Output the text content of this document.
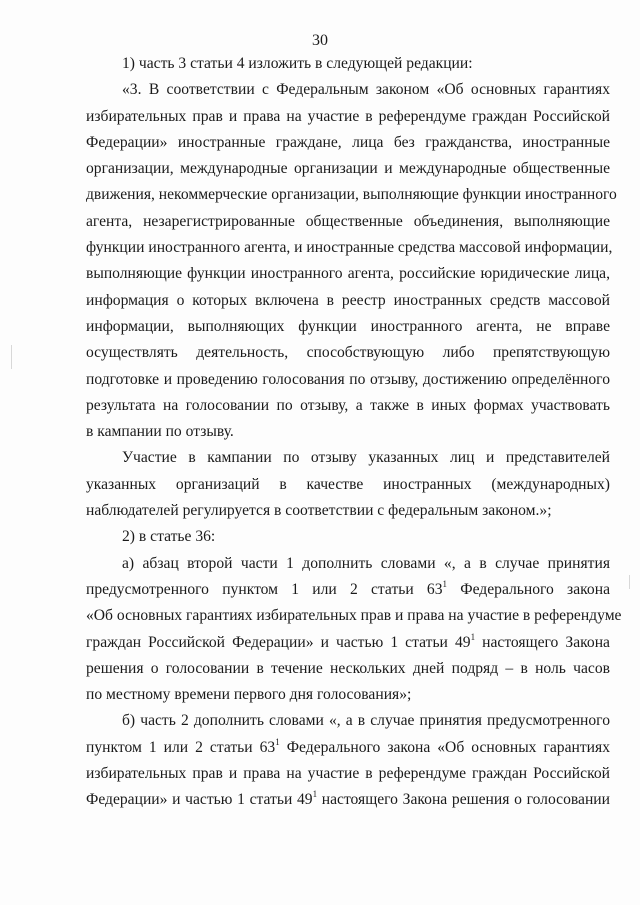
30
1) часть 3 статьи 4 изложить в следующей редакции:
«3. В соответствии с Федеральным законом «Об основных гарантиях
избирательных прав и права на участие в референдуме граждан Российской
Федерации» иностранные граждане, лица без гражданства, иностранные
организации, международные организации и международные общественные
движения, некоммерческие организации, выполняющие функции иностранного
агента, незарегистрированные общественные объединения, выполняющие
функции иностранного агента, и иностранные средства массовой информации,
выполняющие функции иностранного агента, российские юридические лица,
информация о которых включена в реестр иностранных средств массовой
информации, выполняющих функции иностранного агента, не вправе
осуществлять деятельность, способствующую либо препятствующую
подготовке и проведению голосования по отзыву, достижению определённого
результата на голосовании по отзыву, а также в иных формах участвовать
в кампании по отзыву.
Участие в кампании по отзыву указанных лиц и представителей
указанных организаций в качестве иностранных (международных)
наблюдателей регулируется в соответствии с федеральным законом.»;
2) в статье 36:
а) абзац второй части 1 дополнить словами «, а в случае принятия
предусмотренного пунктом 1 или 2 статьи $63^1$ Федерального закона
«Об основных гарантиях избирательных прав и права на участие в референдуме
граждан Российской Федерации» и частью 1 статьи $49^1$ настоящего Закона
решения о голосовании в течение нескольких дней подряд – в ноль часов
по местному времени первого дня голосования»;
б) часть 2 дополнить словами «, а в случае принятия предусмотренного
пунктом 1 или 2 статьи $63^1$ Федерального закона «Об основных гарантиях
избирательных прав и права на участие в референдуме граждан Российской
Федерации» и частью 1 статьи $49^1$ настоящего Закона решения о голосовании
